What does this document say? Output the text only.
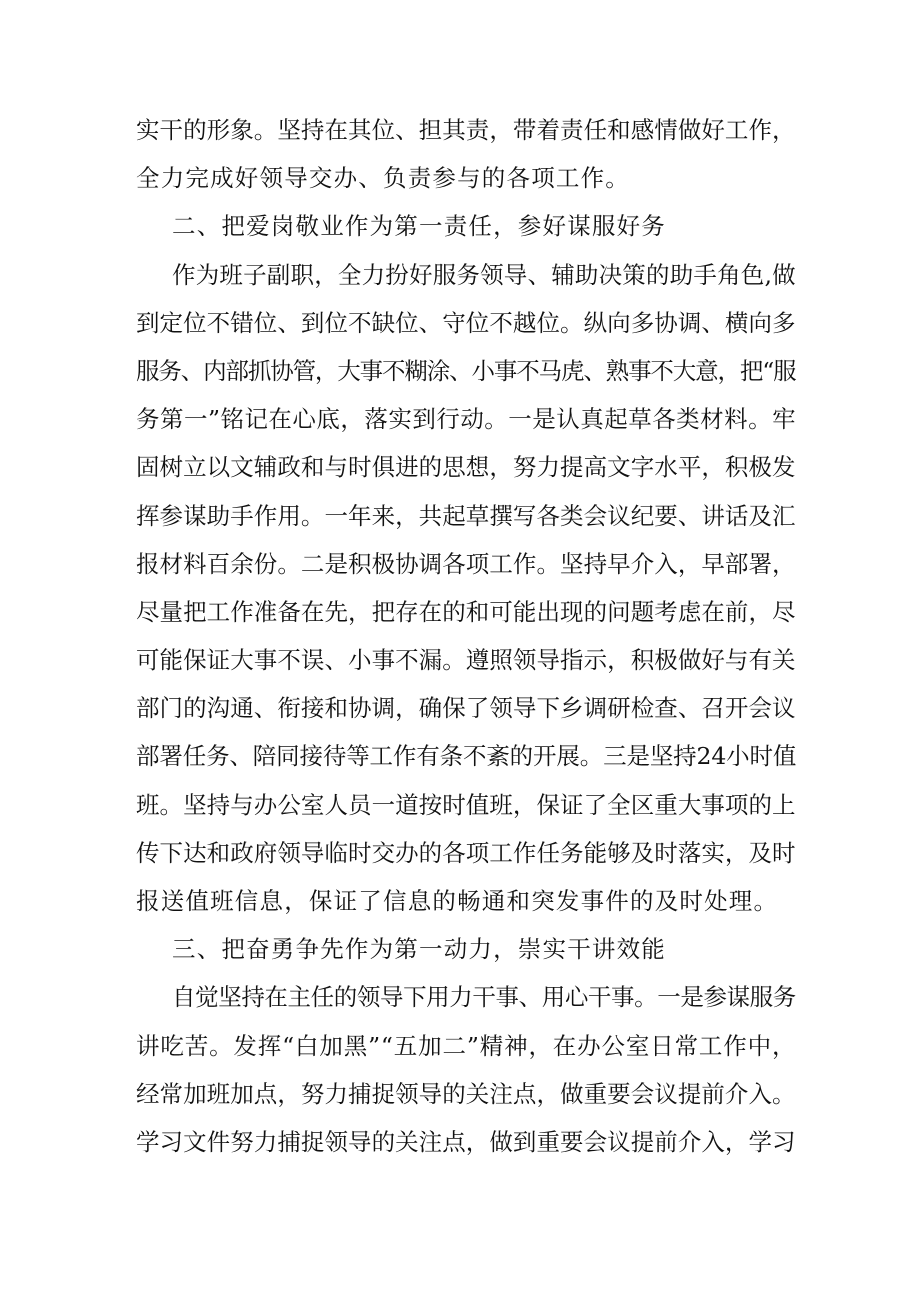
实干的形象。坚持在其位、担其责，带着责任和感情做好工作，
全力完成好领导交办、负责参与的各项工作。
二、把爱岗敬业作为第一责任，参好谋服好务
作为班子副职，全力扮好服务领导、辅助决策的助手角色,做
到定位不错位、到位不缺位、守位不越位。纵向多协调、横向多
服务、内部抓协管，大事不糊涂、小事不马虎、熟事不大意，把“服
务第一”铭记在心底，落实到行动。一是认真起草各类材料。牢
固树立以文辅政和与时俱进的思想，努力提高文字水平，积极发
挥参谋助手作用。一年来，共起草撰写各类会议纪要、讲话及汇
报材料百余份。二是积极协调各项工作。坚持早介入，早部署，
尽量把工作准备在先，把存在的和可能出现的问题考虑在前，尽
可能保证大事不误、小事不漏。遵照领导指示，积极做好与有关
部门的沟通、衔接和协调，确保了领导下乡调研检查、召开会议
部署任务、陪同接待等工作有条不紊的开展。三是坚持24小时值
班。坚持与办公室人员一道按时值班，保证了全区重大事项的上
传下达和政府领导临时交办的各项工作任务能够及时落实，及时
报送值班信息，保证了信息的畅通和突发事件的及时处理。
三、把奋勇争先作为第一动力，崇实干讲效能
自觉坚持在主任的领导下用力干事、用心干事。一是参谋服务
讲吃苦。发挥“白加黑”“五加二”精神，在办公室日常工作中，
经常加班加点，努力捕捉领导的关注点，做重要会议提前介入。
学习文件努力捕捉领导的关注点，做到重要会议提前介入，学习
